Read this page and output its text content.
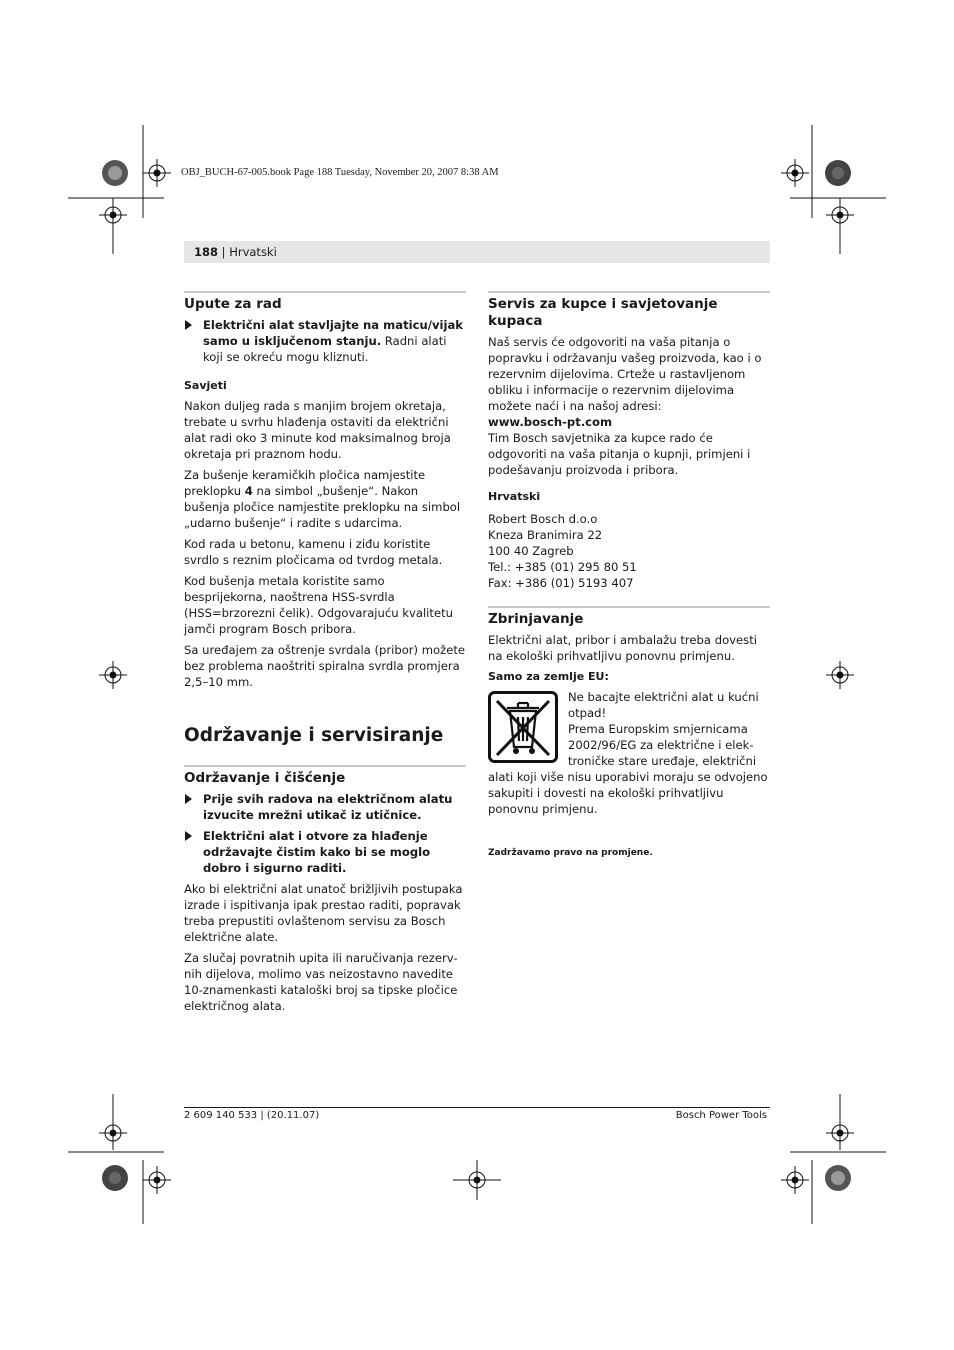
OBJ_BUCH-67-005.book Page 188 Tuesday, November 20, 2007 8:38 AM
188 | Hrvatski
Upute za rad
Električni alat stavljajte na maticu/vijak samo u isključenom stanju. Radni alati koji se okreću mogu kliznuti.
Savjeti

Nakon duljeg rada s manjim brojem okretaja, trebate u svrhu hlađenja ostaviti da električni alat radi oko 3 minute kod maksimalnog broja okretaja pri praznom hodu.

Za bušenje keramičkih pločica namjestite preklopku 4 na simbol „bušenje“. Nakon bušenja pločice namjestite preklopku na simbol „udarno bušenje“ i radite s udarcima.

Kod rada u betonu, kamenu i ziđu koristite svrdlo s reznim pločicama od tvrdog metala.

Kod bušenja metala koristite samo besprijekorna, naoštrena HSS-svrdla (HSS=brzorezni čelik). Odgovarajuću kvalitetu jamči program Bosch pribora.

Sa uređajem za oštrenje svrdala (pribor) možete bez problema naoštriti spiralna svrdla promjera 2,5–10 mm.

Održavanje i servisiranje
Održavanje i čišćenje
Prije svih radova na električnom alatu izvucite mrežni utikač iz utičnice.
Električni alat i otvore za hlađenje održavajte čistim kako bi se moglo dobro i sigurno raditi.

Ako bi električni alat unatoč brižljivih postupaka izrade i ispitivanja ipak prestao raditi, popravak treba prepustiti ovlaštenom servisu za Bosch električne alate.

Za slučaj povratnih upita ili naručivanja rezerv-nih dijelova, molimo vas neizostavno navedite 10-znamenkasti kataloški broj sa tipske pločice električnog alata.

Servis za kupce i savjetovanje kupaca

Naš servis će odgovoriti na vaša pitanja o popravku i održavanju vašeg proizvoda, kao i o rezervnim dijelovima. Crteže u rastavljenom obliku i informacije o rezervnim dijelovima možete naći i na našoj adresi:
www.bosch-pt.com
Tim Bosch savjetnika za kupce rado će odgovoriti na vaša pitanja o kupnji, primjeni i podešavanju proizvoda i pribora.

Hrvatski
Robert Bosch d.o.o
Kneza Branimira 22
100 40 Zagreb
Tel.: +385 (01) 295 80 51
Fax: +386 (01) 5193 407
Zbrinjavanje

Električni alat, pribor i ambalažu treba dovesti na ekološki prihvatljivu ponovnu primjenu.

Samo za zemlje EU:

Ne bacajte električni alat u kućni otpad!
Prema Europskim smjernicama 2002/96/EG za električne i elek-troničke stare uređaje, električni alati koji više nisu uporabivi moraju se odvojeno sakupiti i dovesti na ekološki prihvatljivu ponovnu primjenu.

Zadržavamo pravo na promjene.
2 609 140 533 | (20.11.07)	Bosch Power Tools
